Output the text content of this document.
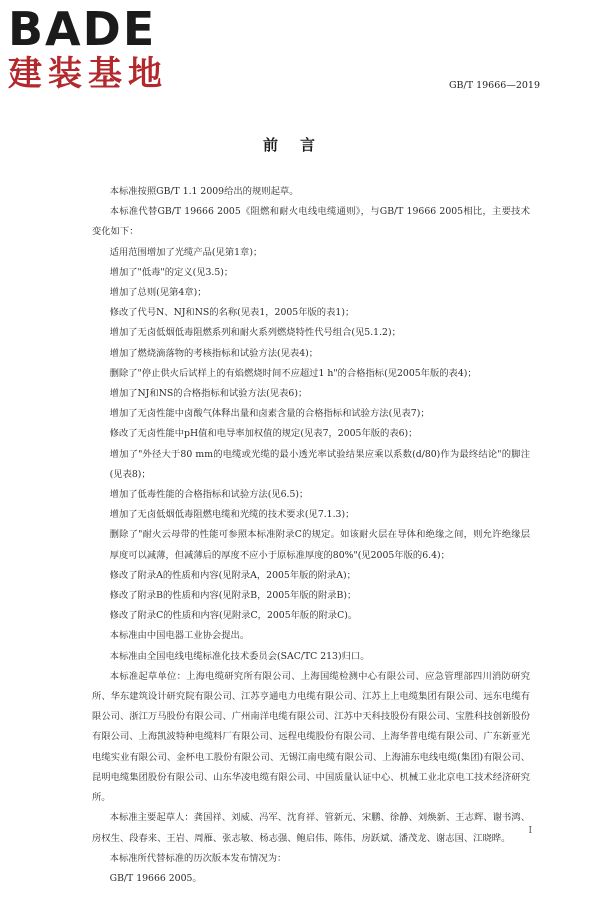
BADE

建装基地	GB/T 19666—2019
前言

本标准按照GB/T 1.1 2009给出的规则起草。

本标准代替GB/T 19666 2005《阻燃和耐火电线电缆通则》，与GB/T 19666 2005相比，主要技术变化如下：

适用范围增加了光缆产品(见第1章)；

增加了"低毒"的定义(见3.5)；

增加了总则(见第4章)；

修改了代号N、NJ和NS的名称(见表1，2005年版的表1)；

增加了无卤低烟低毒阻燃系列和耐火系列燃烧特性代号组合(见5.1.2)；

增加了燃烧滴落物的考核指标和试验方法(见表4)；

删除了"停止供火后试样上的有焰燃烧时间不应超过1 h"的合格指标(见2005年版的表4)；

增加了NJ和NS的合格指标和试验方法(见表6)；

增加了无卤性能中卤酸气体释出量和卤素含量的合格指标和试验方法(见表7)；

修改了无卤性能中pH值和电导率加权值的规定(见表7，2005年版的表6)；

增加了"外径大于80 mm的电缆或光缆的最小透光率试验结果应乘以系数(d/80)作为最终结论"的脚注(见表8)；

增加了低毒性能的合格指标和试验方法(见6.5)；

增加了无卤低烟低毒阻燃电缆和光缆的技术要求(见7.1.3)；

删除了"耐火云母带的性能可参照本标准附录C的规定。如该耐火层在导体和绝缘之间，则允许绝缘层厚度可以减薄，但减薄后的厚度不应小于原标准厚度的80%"(见2005年版的6.4)；

修改了附录A的性质和内容(见附录A，2005年版的附录A)；

修改了附录B的性质和内容(见附录B，2005年版的附录B)；

修改了附录C的性质和内容(见附录C，2005年版的附录C)。

本标准由中国电器工业协会提出。

本标准由全国电线电缆标准化技术委员会(SAC/TC 213)归口。

本标准起草单位：上海电缆研究所有限公司、上海国缆检测中心有限公司、应急管理部四川消防研究所、华东建筑设计研究院有限公司、江苏亨通电力电缆有限公司、江苏上上电缆集团有限公司、远东电缆有限公司、浙江万马股份有限公司、广州南洋电缆有限公司、江苏中天科技股份有限公司、宝胜科技创新股份有限公司、上海凯波特种电缆料厂有限公司、远程电缆股份有限公司、上海华普电缆有限公司、广东新亚光电缆实业有限公司、金杯电工股份有限公司、无锡江南电缆有限公司、上海浦东电线电缆(集团)有限公司、昆明电缆集团股份有限公司、山东华凌电缆有限公司、中国质量认证中心、机械工业北京电工技术经济研究所。

本标准主要起草人：龚国祥、刘威、冯军、沈育祥、管新元、宋鹏、徐静、刘焕新、王志辉、谢书鸿、房权生、段春来、王岩、周雁、张志敏、杨志强、鲍启伟、陈伟、房跃斌、潘茂龙、谢志国、江晓晔。

本标准所代替标准的历次版本发布情况为：

GB/T 19666 2005。

I
